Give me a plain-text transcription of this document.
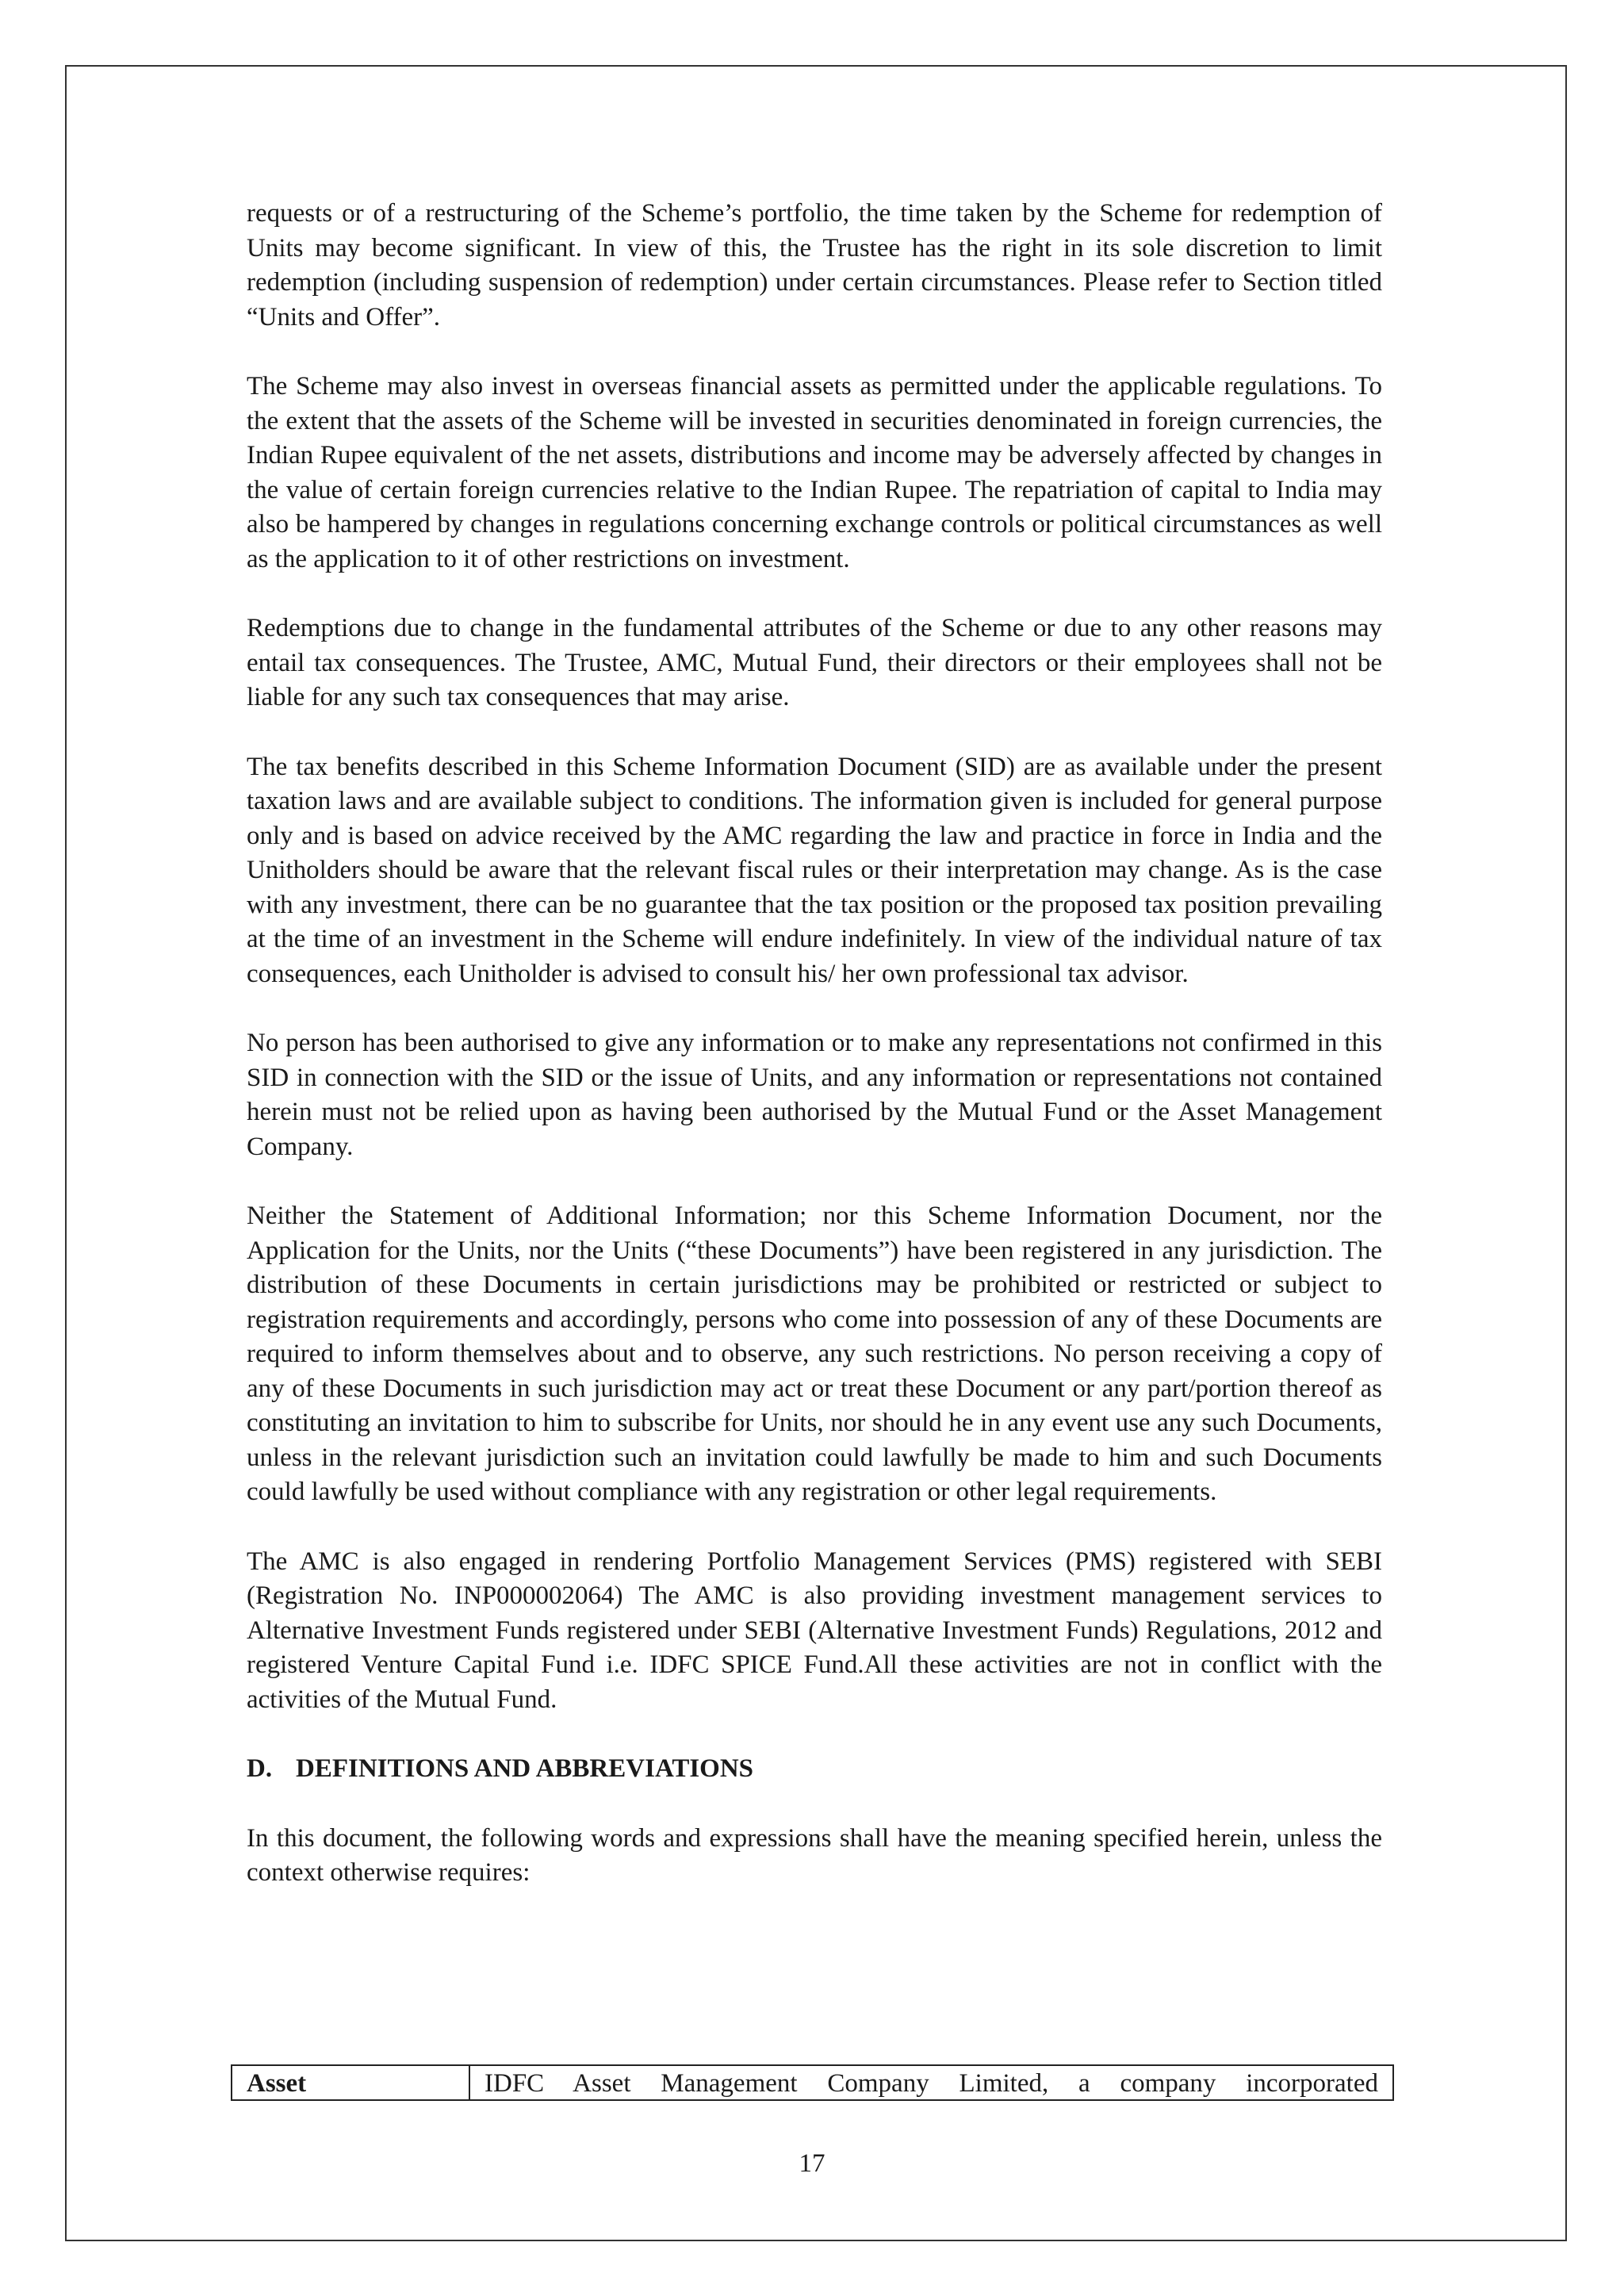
requests or of a restructuring of the Scheme’s portfolio, the time taken by the Scheme for redemption of Units may become significant. In view of this, the Trustee has the right in its sole discretion to limit redemption (including suspension of redemption) under certain circumstances. Please refer to Section titled “Units and Offer”.

The Scheme may also invest in overseas financial assets as permitted under the applicable regulations. To the extent that the assets of the Scheme will be invested in securities denominated in foreign currencies, the Indian Rupee equivalent of the net assets, distributions and income may be adversely affected by changes in the value of certain foreign currencies relative to the Indian Rupee. The repatriation of capital to India may also be hampered by changes in regulations concerning exchange controls or political circumstances as well as the application to it of other restrictions on investment.

Redemptions due to change in the fundamental attributes of the Scheme or due to any other reasons may entail tax consequences. The Trustee, AMC, Mutual Fund, their directors or their employees shall not be liable for any such tax consequences that may arise.

The tax benefits described in this Scheme Information Document (SID) are as available under the present taxation laws and are available subject to conditions. The information given is included for general purpose only and is based on advice received by the AMC regarding the law and practice in force in India and the Unitholders should be aware that the relevant fiscal rules or their interpretation may change. As is the case with any investment, there can be no guarantee that the tax position or the proposed tax position prevailing at the time of an investment in the Scheme will endure indefinitely. In view of the individual nature of tax consequences, each Unitholder is advised to consult his/ her own professional tax advisor.

No person has been authorised to give any information or to make any representations not confirmed in this SID in connection with the SID or the issue of Units, and any information or representations not contained herein must not be relied upon as having been authorised by the Mutual Fund or the Asset Management Company.

Neither the Statement of Additional Information; nor this Scheme Information Document, nor the Application for the Units, nor the Units (“these Documents”) have been registered in any jurisdiction. The distribution of these Documents in certain jurisdictions may be prohibited or restricted or subject to registration requirements and accordingly, persons who come into possession of any of these Documents are required to inform themselves about and to observe, any such restrictions. No person receiving a copy of any of these Documents in such jurisdiction may act or treat these Document or any part/portion thereof as constituting an invitation to him to subscribe for Units, nor should he in any event use any such Documents, unless in the relevant jurisdiction such an invitation could lawfully be made to him and such Documents could lawfully be used without compliance with any registration or other legal requirements.

The AMC is also engaged in rendering Portfolio Management Services (PMS) registered with SEBI (Registration No. INP000002064) The AMC is also providing investment management services to Alternative Investment Funds registered under SEBI (Alternative Investment Funds) Regulations, 2012 and registered Venture Capital Fund i.e. IDFC SPICE Fund.All these activities are not in conflict with the activities of the Mutual Fund.

D. DEFINITIONS AND ABBREVIATIONS

In this document, the following words and expressions shall have the meaning specified herein, unless the context otherwise requires:

Asset	IDFC Asset Management Company Limited, a company incorporated
17
